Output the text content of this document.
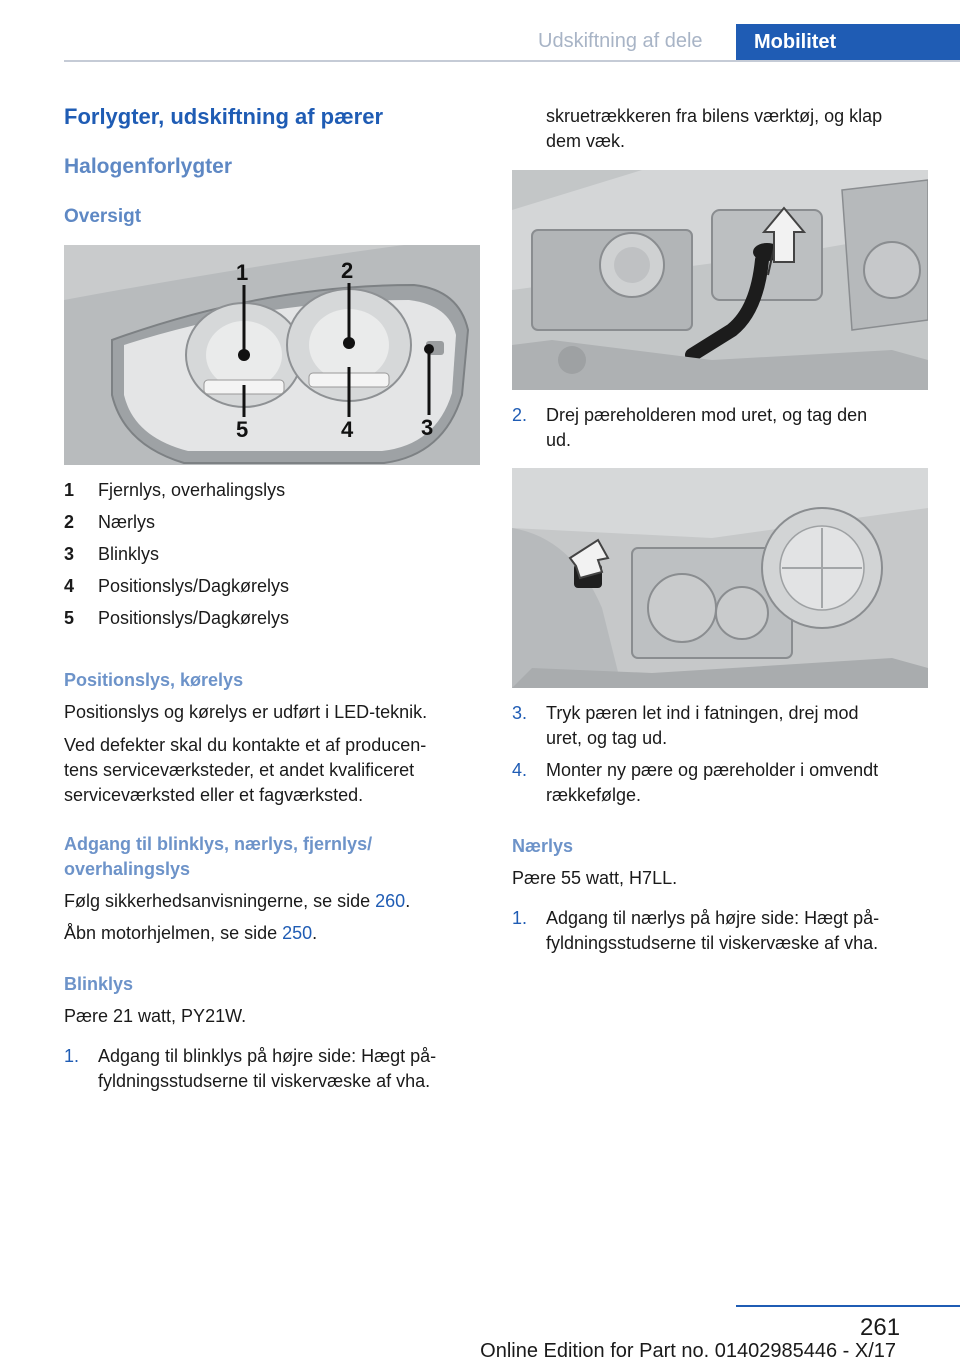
Udskiftning af dele	Mobilitet
Forlygter, udskiftning af pærer
Halogenforlygter
Oversigt
1	2
5	4	3
1 Fjernlys, overhalingslys
2 Nærlys
3 Blinklys
4 Positionslys/Dagkørelys
5 Positionslys/Dagkørelys
Positionslys, kørelys
Positionslys og kørelys er udført i LED-teknik.
Ved defekter skal du kontakte et af producen-
tens serviceværksteder, et andet kvalificeret
serviceværksted eller et fagværksted.
Adgang til blinklys, nærlys, fjernlys/
overhalingslys
Følg sikkerhedsanvisningerne, se side 260.
Åbn motorhjelmen, se side 250.
Blinklys
Pære 21 watt, PY21W.
1. Adgang til blinklys på højre side: Hægt på-
fyldningsstudserne til viskervæske af vha.
skruetrækkeren fra bilens værktøj, og klap
dem væk.
2. Drej pæreholderen mod uret, og tag den
ud.
3. Tryk pæren let ind i fatningen, drej mod
uret, og tag ud.
4. Monter ny pære og pæreholder i omvendt
rækkefølge.
Nærlys
Pære 55 watt, H7LL.
1. Adgang til nærlys på højre side: Hægt på-
fyldningsstudserne til viskervæske af vha.
261
Online Edition for Part no. 01402985446 - X/17
